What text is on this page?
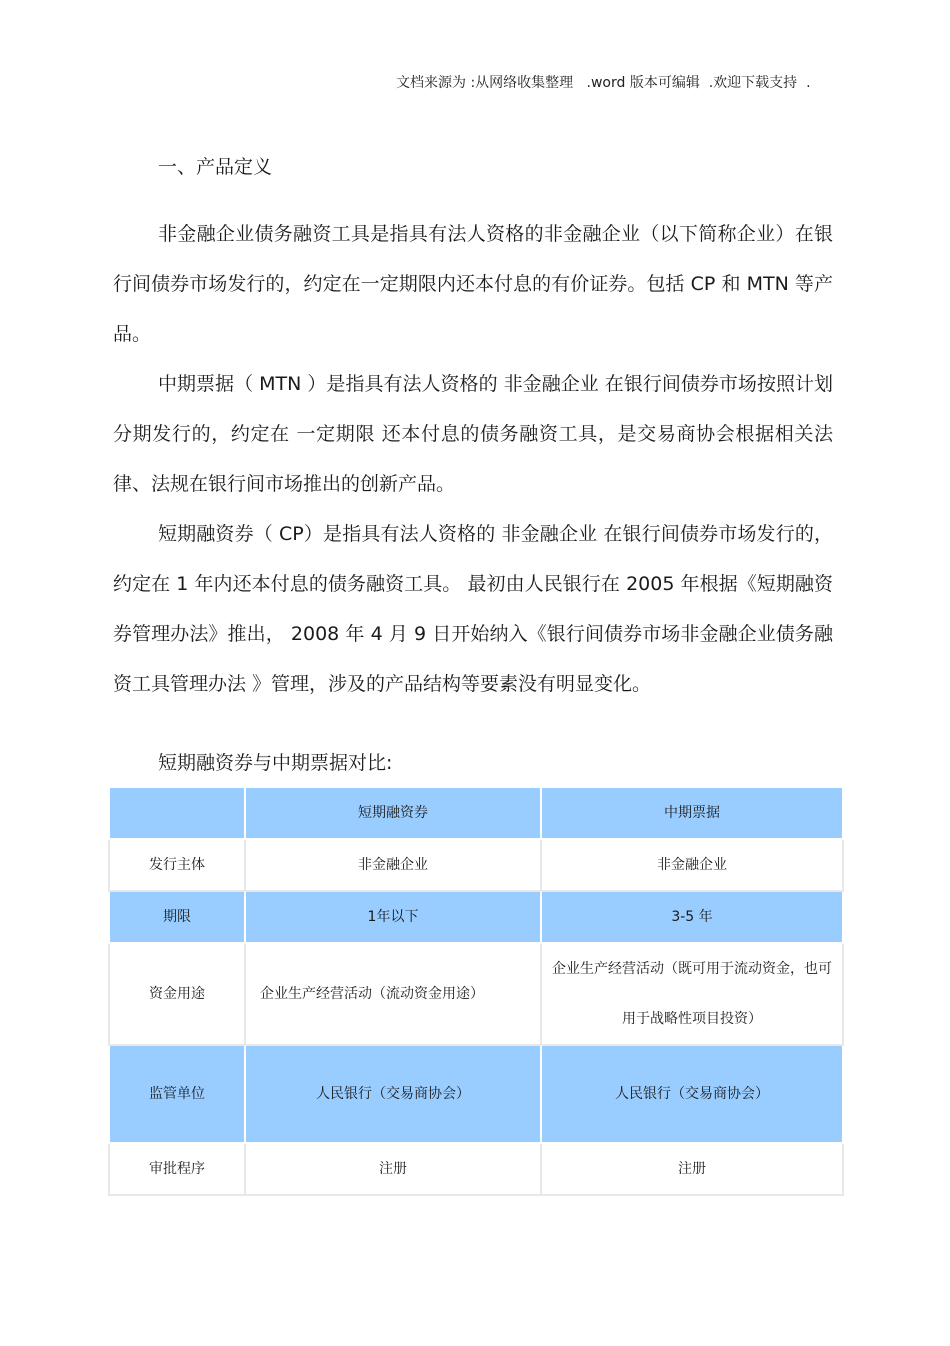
文档来源为 :从网络收集整理   .word 版本可编辑  .欢迎下载支持  .
一、产品定义

非金融企业债务融资工具是指具有法人资格的非金融企业（以下简称企业）在银行间债券市场发行的，约定在一定期限内还本付息的有价证券。包括 CP 和 MTN 等产品。

中期票据（ MTN ）是指具有法人资格的 非金融企业 在银行间债券市场按照计划分期发行的，约定在 一定期限 还本付息的债务融资工具，是交易商协会根据相关法律、法规在银行间市场推出的创新产品。

短期融资券（ CP）是指具有法人资格的 非金融企业 在银行间债券市场发行的，约定在 1 年内还本付息的债务融资工具。 最初由人民银行在 2005 年根据《短期融资券管理办法》推出， 2008 年 4 月 9 日开始纳入《银行间债券市场非金融企业债务融资工具管理办法 》管理，涉及的产品结构等要素没有明显变化。

短期融资券与中期票据对比:
	短期融资券	中期票据
发行主体	非金融企业	非金融企业
期限	1年以下	3-5 年
资金用途	企业生产经营活动（流动资金用途）	企业生产经营活动（既可用于流动资金，也可用于战略性项目投资）
监管单位	人民银行（交易商协会）	人民银行（交易商协会）
审批程序	注册	注册
